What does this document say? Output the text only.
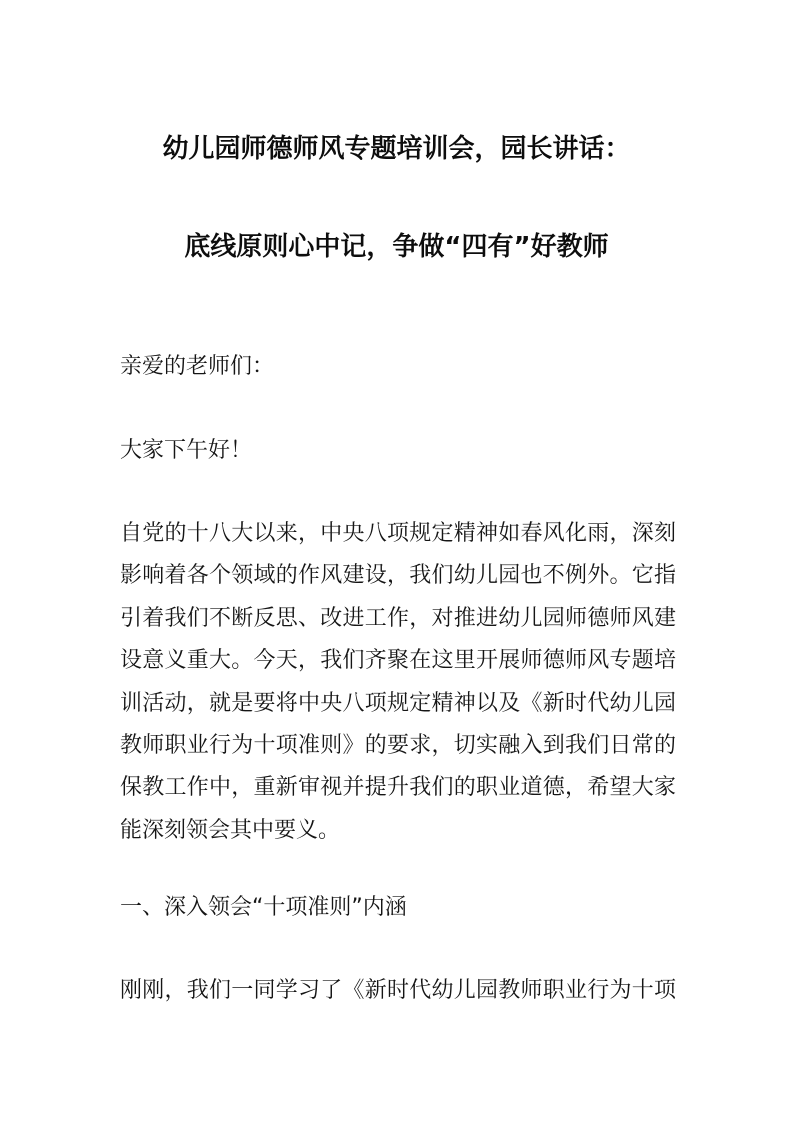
幼儿园师德师风专题培训会，园长讲话：
底线原则心中记，争做“四有”好教师
亲爱的老师们：
大家下午好！
自党的十八大以来，中央八项规定精神如春风化雨，深刻
影响着各个领域的作风建设，我们幼儿园也不例外。它指
引着我们不断反思、改进工作，对推进幼儿园师德师风建
设意义重大。今天，我们齐聚在这里开展师德师风专题培
训活动，就是要将中央八项规定精神以及《新时代幼儿园
教师职业行为十项准则》的要求，切实融入到我们日常的
保教工作中，重新审视并提升我们的职业道德，希望大家
能深刻领会其中要义。
一、深入领会“十项准则”内涵
刚刚，我们一同学习了《新时代幼儿园教师职业行为十项
